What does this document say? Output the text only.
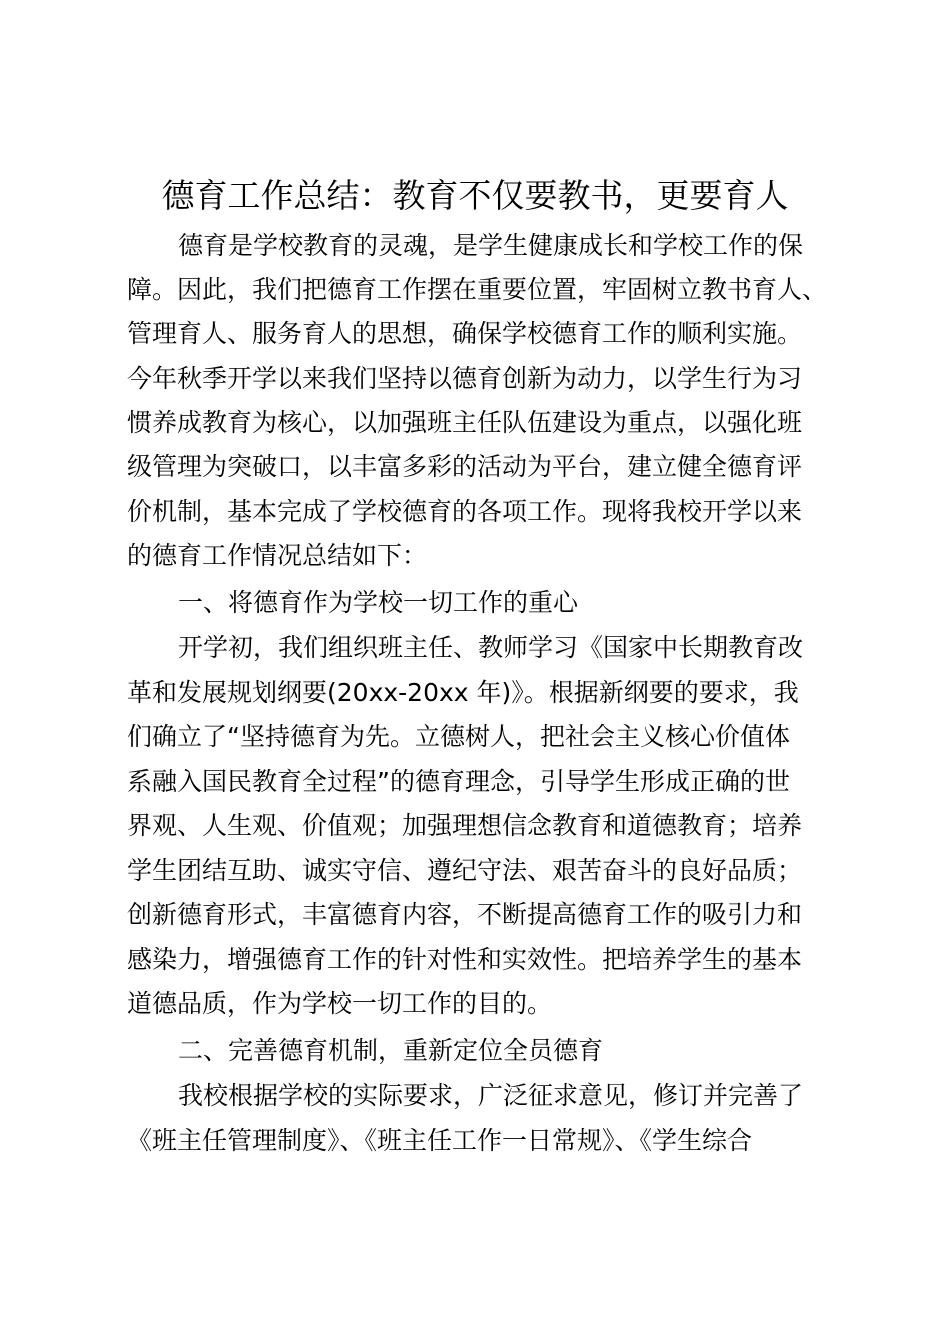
德育工作总结：教育不仅要教书，更要育人
德育是学校教育的灵魂，是学生健康成长和学校工作的保
障。因此，我们把德育工作摆在重要位置，牢固树立教书育人、
管理育人、服务育人的思想，确保学校德育工作的顺利实施。
今年秋季开学以来我们坚持以德育创新为动力，以学生行为习
惯养成教育为核心，以加强班主任队伍建设为重点，以强化班
级管理为突破口，以丰富多彩的活动为平台，建立健全德育评
价机制，基本完成了学校德育的各项工作。现将我校开学以来
的德育工作情况总结如下：
一、将德育作为学校一切工作的重心
开学初，我们组织班主任、教师学习《国家中长期教育改
革和发展规划纲要(20xx-20xx 年)》。根据新纲要的要求，我
们确立了“坚持德育为先。立德树人，把社会主义核心价值体
系融入国民教育全过程”的德育理念，引导学生形成正确的世
界观、人生观、价值观；加强理想信念教育和道德教育；培养
学生团结互助、诚实守信、遵纪守法、艰苦奋斗的良好品质；
创新德育形式，丰富德育内容，不断提高德育工作的吸引力和
感染力，增强德育工作的针对性和实效性。把培养学生的基本
道德品质，作为学校一切工作的目的。
二、完善德育机制，重新定位全员德育
我校根据学校的实际要求，广泛征求意见，修订并完善了
《班主任管理制度》、《班主任工作一日常规》、《学生综合
